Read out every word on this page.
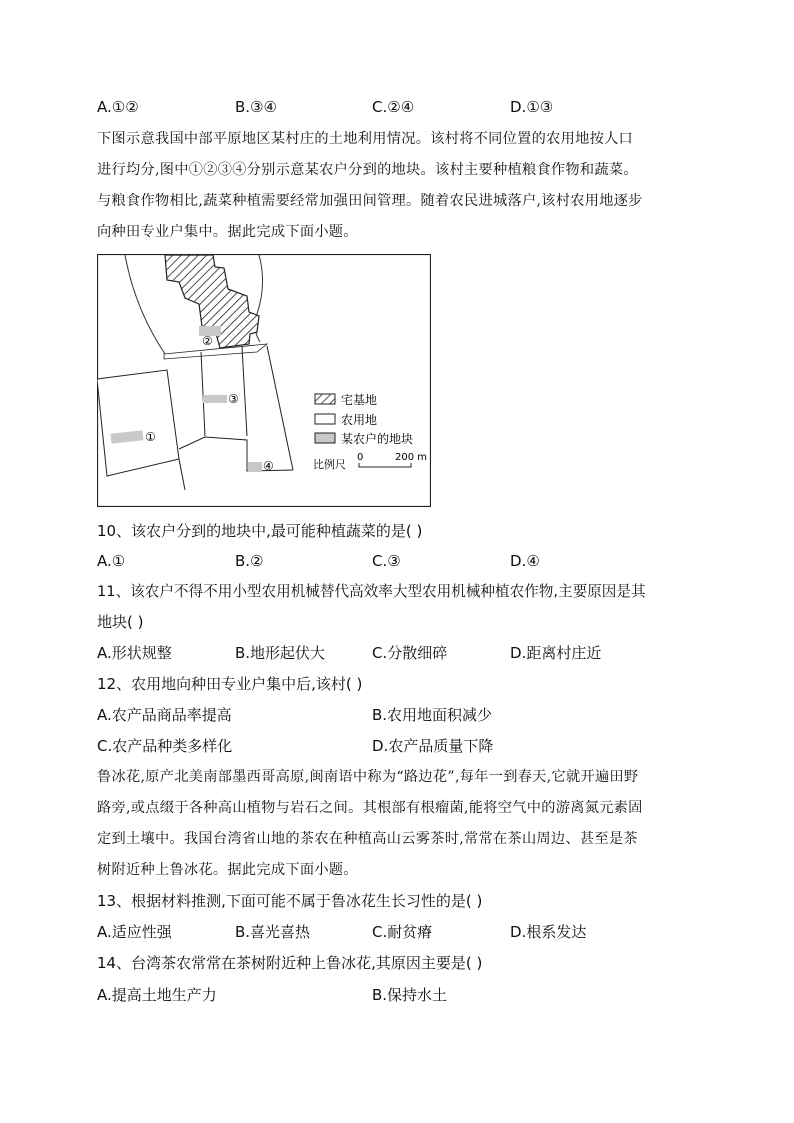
A.①②	B.③④	C.②④	D.①③
下图示意我国中部平原地区某村庄的土地利用情况。该村将不同位置的农用地按人口
进行均分,图中①②③④分别示意某农户分到的地块。该村主要种植粮食作物和蔬菜。
与粮食作物相比,蔬菜种植需要经常加强田间管理。随着农民进城落户,该村农用地逐步
向种田专业户集中。据此完成下面小题。
①
②
③
④
宅基地
农用地
某农户的地块
比例尺
0	200 m
10、该农户分到的地块中,最可能种植蔬菜的是( )
A.①	B.②	C.③	D.④
11、该农户不得不用小型农用机械替代高效率大型农用机械种植农作物,主要原因是其
地块( )
A.形状规整	B.地形起伏大	C.分散细碎	D.距离村庄近
12、农用地向种田专业户集中后,该村( )
A.农产品商品率提高	B.农用地面积减少
C.农产品种类多样化	D.农产品质量下降
鲁冰花,原产北美南部墨西哥高原,闽南语中称为“路边花”,每年一到春天,它就开遍田野
路旁,或点缀于各种高山植物与岩石之间。其根部有根瘤菌,能将空气中的游离氮元素固
定到土壤中。我国台湾省山地的茶农在种植高山云雾茶时,常常在茶山周边、甚至是茶
树附近种上鲁冰花。据此完成下面小题。
13、根据材料推测,下面可能不属于鲁冰花生长习性的是( )
A.适应性强	B.喜光喜热	C.耐贫瘠	D.根系发达
14、台湾茶农常常在茶树附近种上鲁冰花,其原因主要是( )
A.提高土地生产力	B.保持水土
